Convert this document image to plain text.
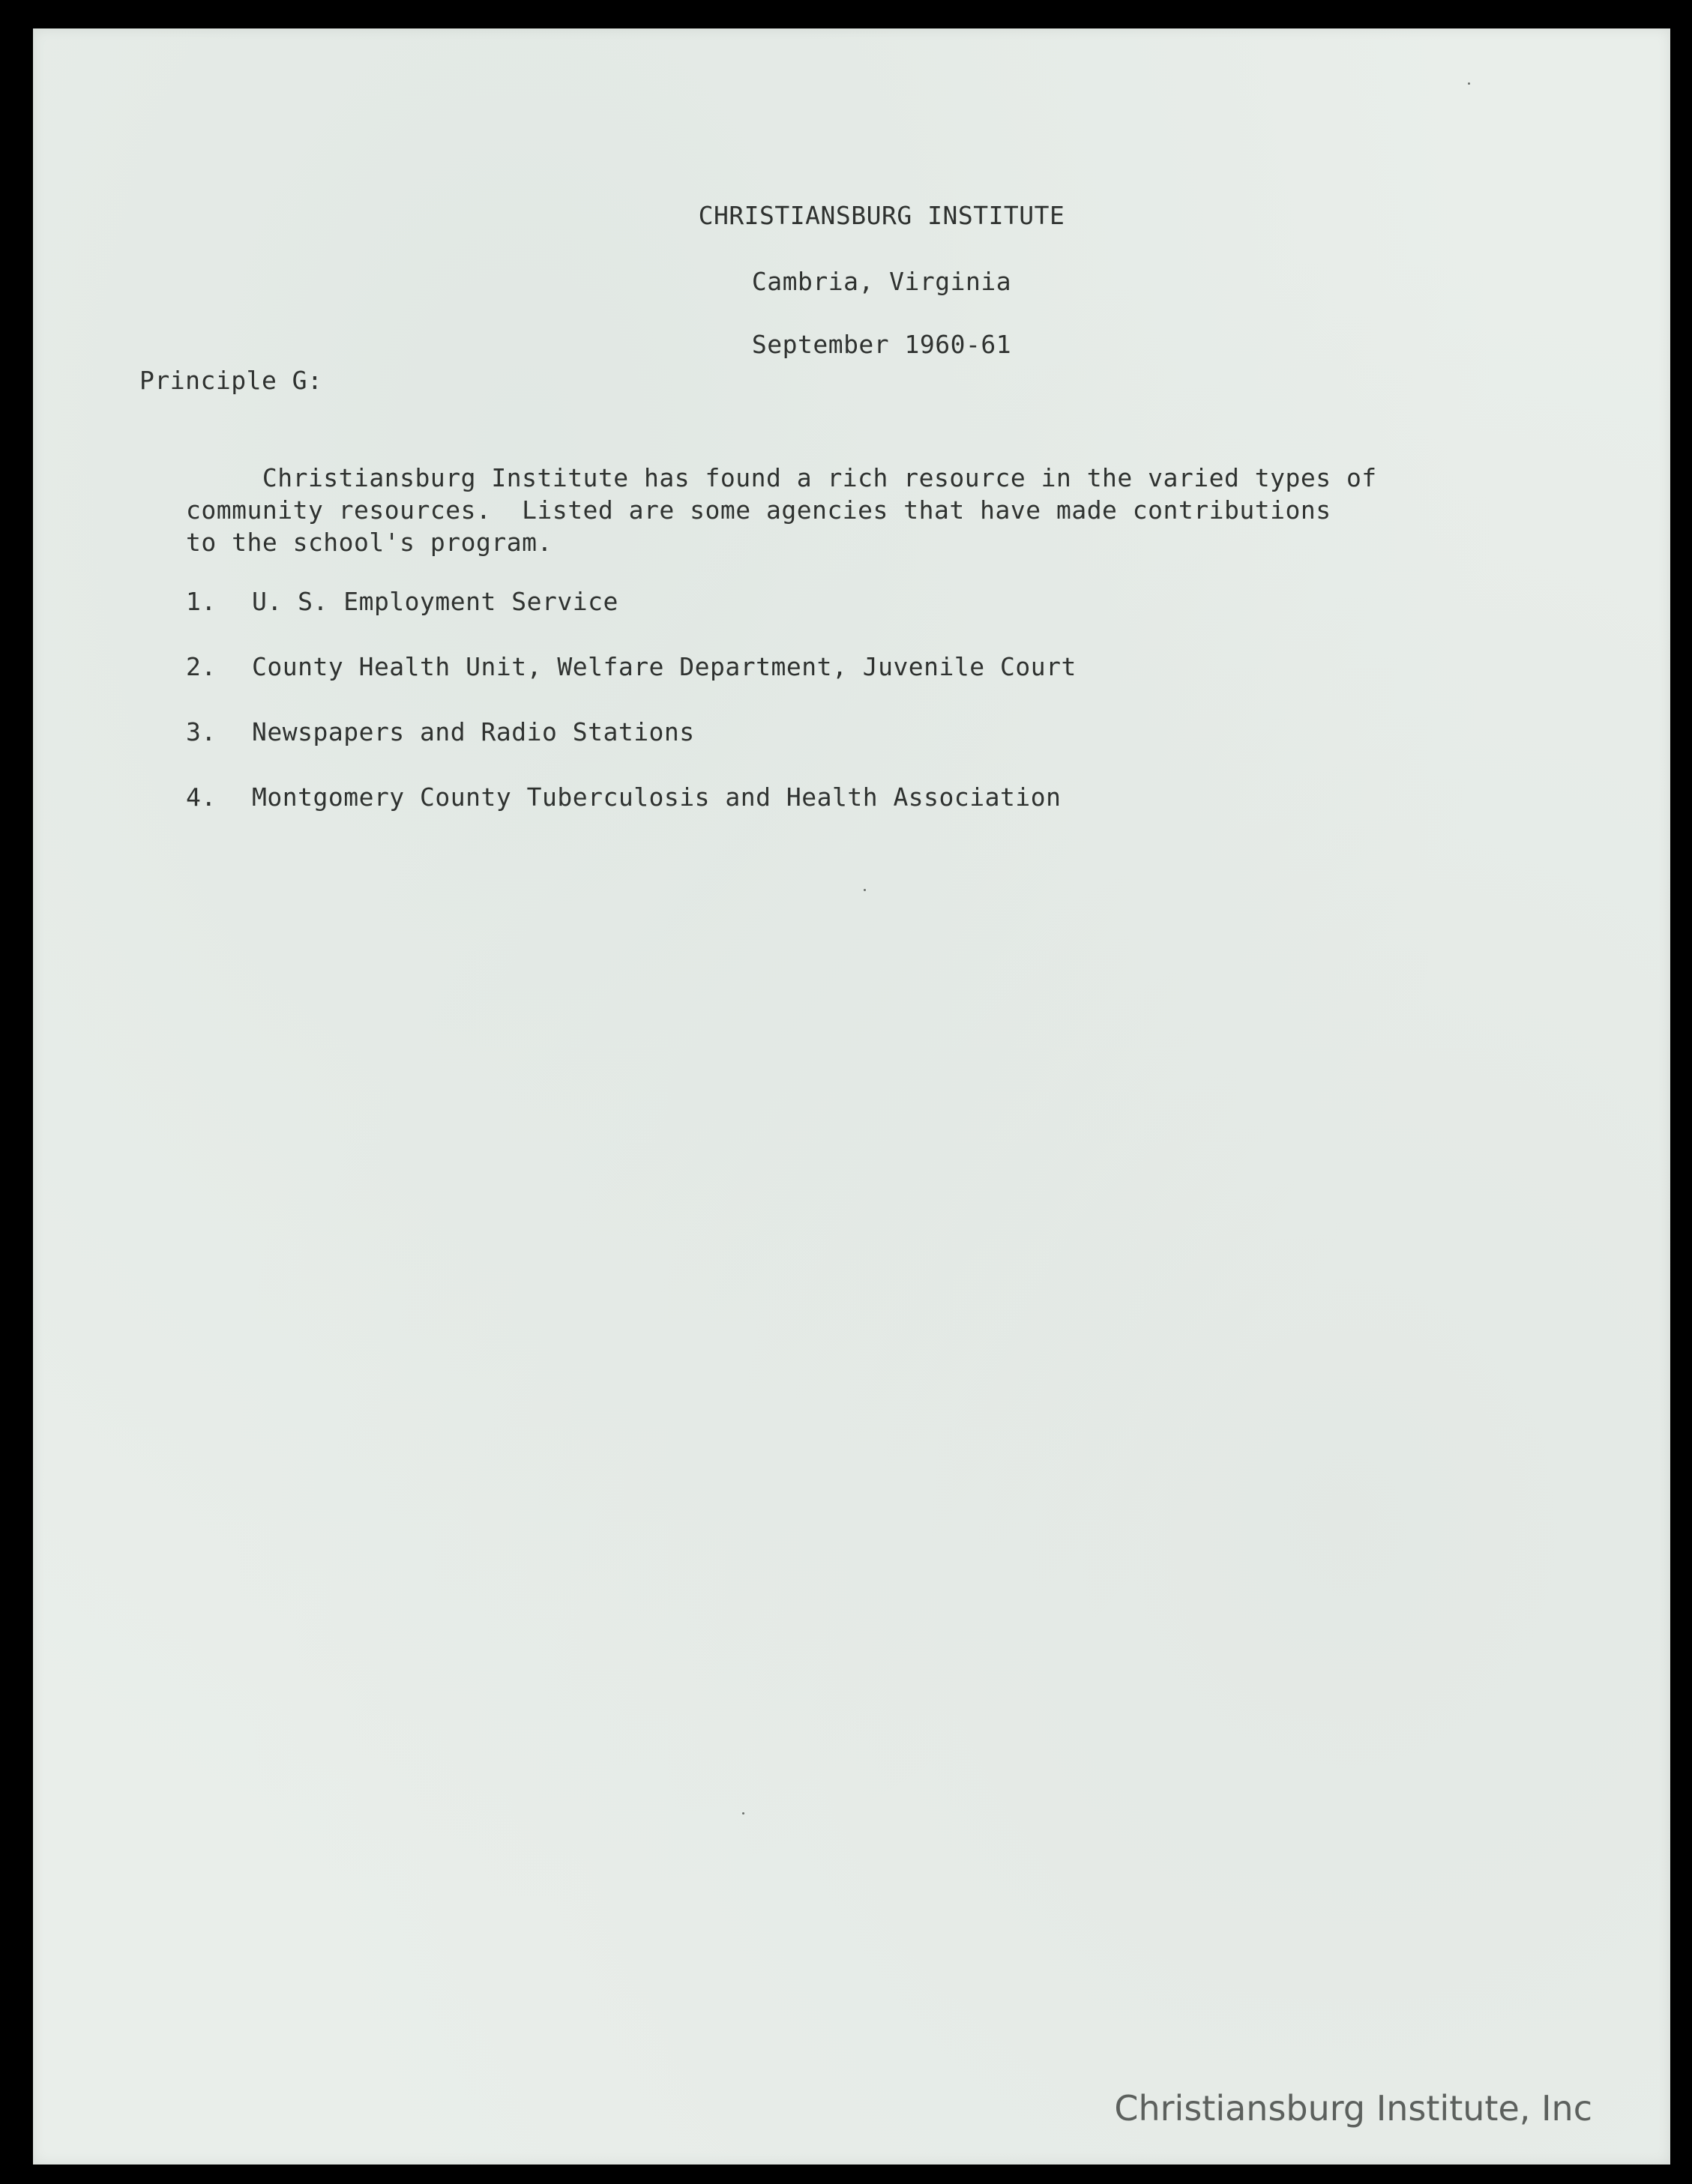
CHRISTIANSBURG INSTITUTE
Cambria, Virginia
September 1960-61
Principle G:
Christiansburg Institute has found a rich resource in the varied types of
community resources.  Listed are some agencies that have made contributions
to the school's program.

1.

U. S. Employment Service

2.

County Health Unit, Welfare Department, Juvenile Court

3.

Newspapers and Radio Stations

4.

Montgomery County Tuberculosis and Health Association

Christiansburg Institute, Inc
